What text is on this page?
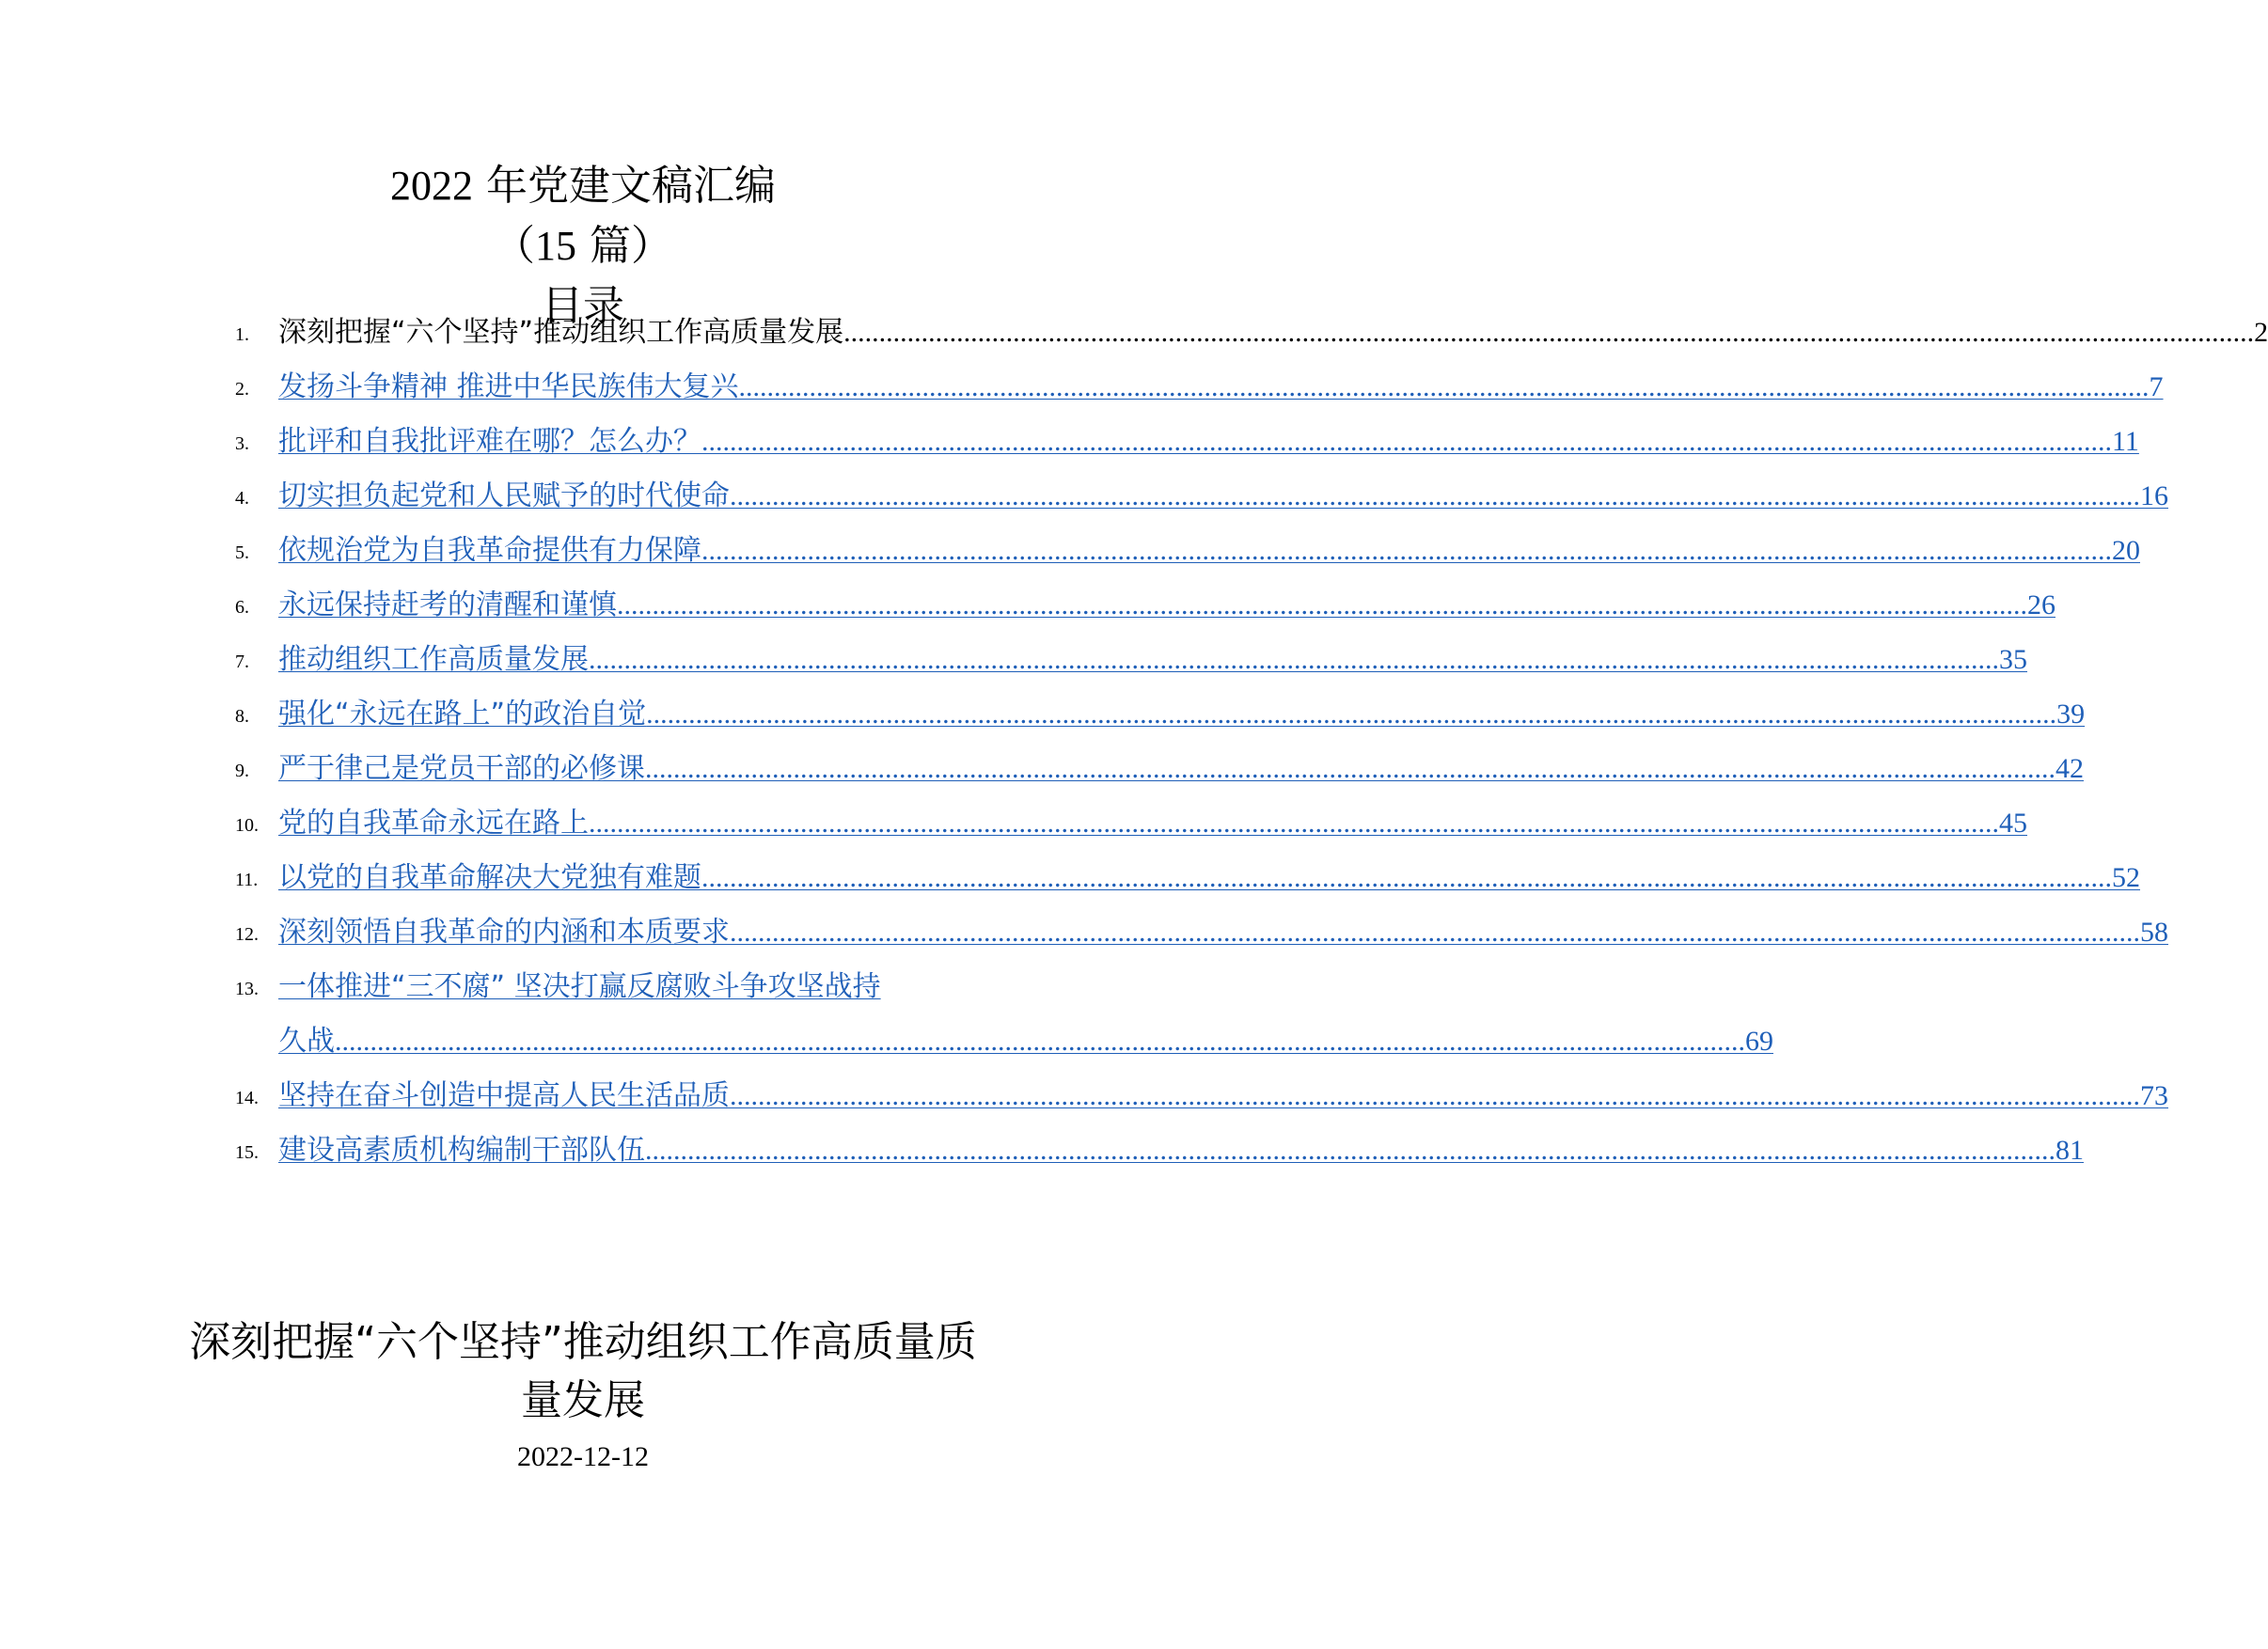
2022 年党建文稿汇编
（15 篇）
目录
1.	深刻把握“六个坚持”推动组织工作高质量发展 ........................................................................................................................................................................................................ 2
2.	发扬斗争精神 推进中华民族伟大复兴 ........................................................................................................................................................................................................ 7
3.	批评和自我批评难在哪？怎么办？ ........................................................................................................................................................................................................ 11
4.	切实担负起党和人民赋予的时代使命 ........................................................................................................................................................................................................ 16
5.	依规治党为自我革命提供有力保障 ........................................................................................................................................................................................................ 20
6.	永远保持赶考的清醒和谨慎 ........................................................................................................................................................................................................ 26
7.	推动组织工作高质量发展 ........................................................................................................................................................................................................ 35
8.	强化“永远在路上”的政治自觉 ........................................................................................................................................................................................................ 39
9.	严于律己是党员干部的必修课 ........................................................................................................................................................................................................ 42
10. 党的自我革命永远在路上 ........................................................................................................................................................................................................ 45
11. 以党的自我革命解决大党独有难题 ........................................................................................................................................................................................................ 52
12. 深刻领悟自我革命的内涵和本质要求 ........................................................................................................................................................................................................ 58
13. 一体推进“三不腐” 坚决打赢反腐败斗争攻坚战持
久战 ........................................................................................................................................................................................................ 69
14. 坚持在奋斗创造中提高人民生活品质 ........................................................................................................................................................................................................ 73
15. 建设高素质机构编制干部队伍 ........................................................................................................................................................................................................ 81
深刻把握“六个坚持”推动组织工作高质量质
量发展
2022-12-12
